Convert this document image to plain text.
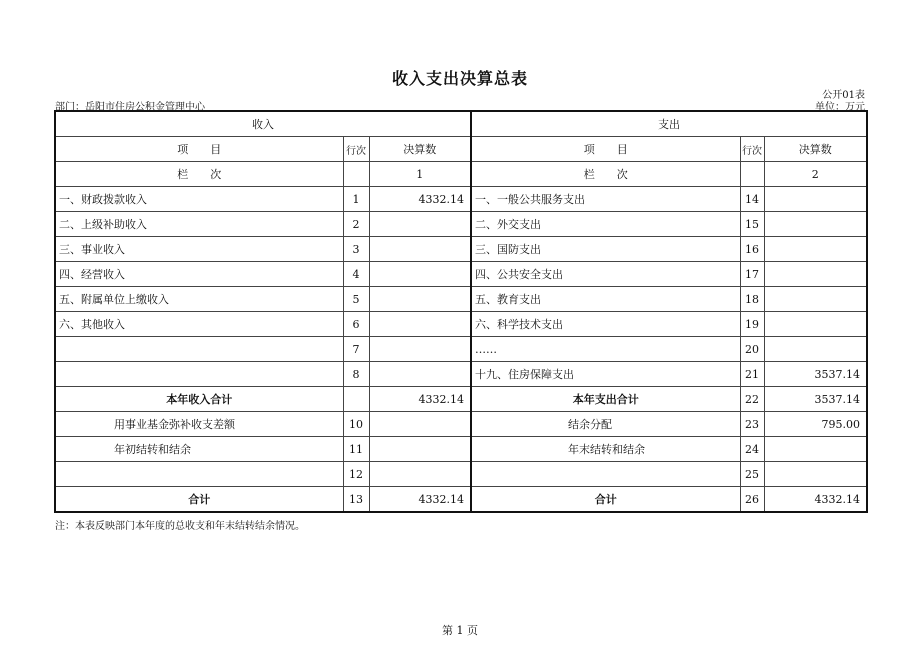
收入支出决算总表
公开01表
部门：岳阳市住房公积金管理中心	单位：万元
收入			支出		
项　　目	行次	决算数	项　　目	行次	决算数
栏　　次		1	栏　　次		2
一、财政拨款收入	1	4332.14	一、一般公共服务支出	14	
二、上级补助收入	2		二、外交支出	15	
三、事业收入	3		三、国防支出	16	
四、经营收入	4		四、公共安全支出	17	
五、附属单位上缴收入	5		五、教育支出	18	
六、其他收入	6		六、科学技术支出	19	
	7		……	20	
	8		十九、住房保障支出	21	3537.14
本年收入合计		4332.14	本年支出合计	22	3537.14
用事业基金弥补收支差额	10		结余分配	23	795.00
年初结转和结余	11		年末结转和结余	24	
	12			25	
合计	13	4332.14	合计	26	4332.14
注：本表反映部门本年度的总收支和年末结转结余情况。
第 1 页
